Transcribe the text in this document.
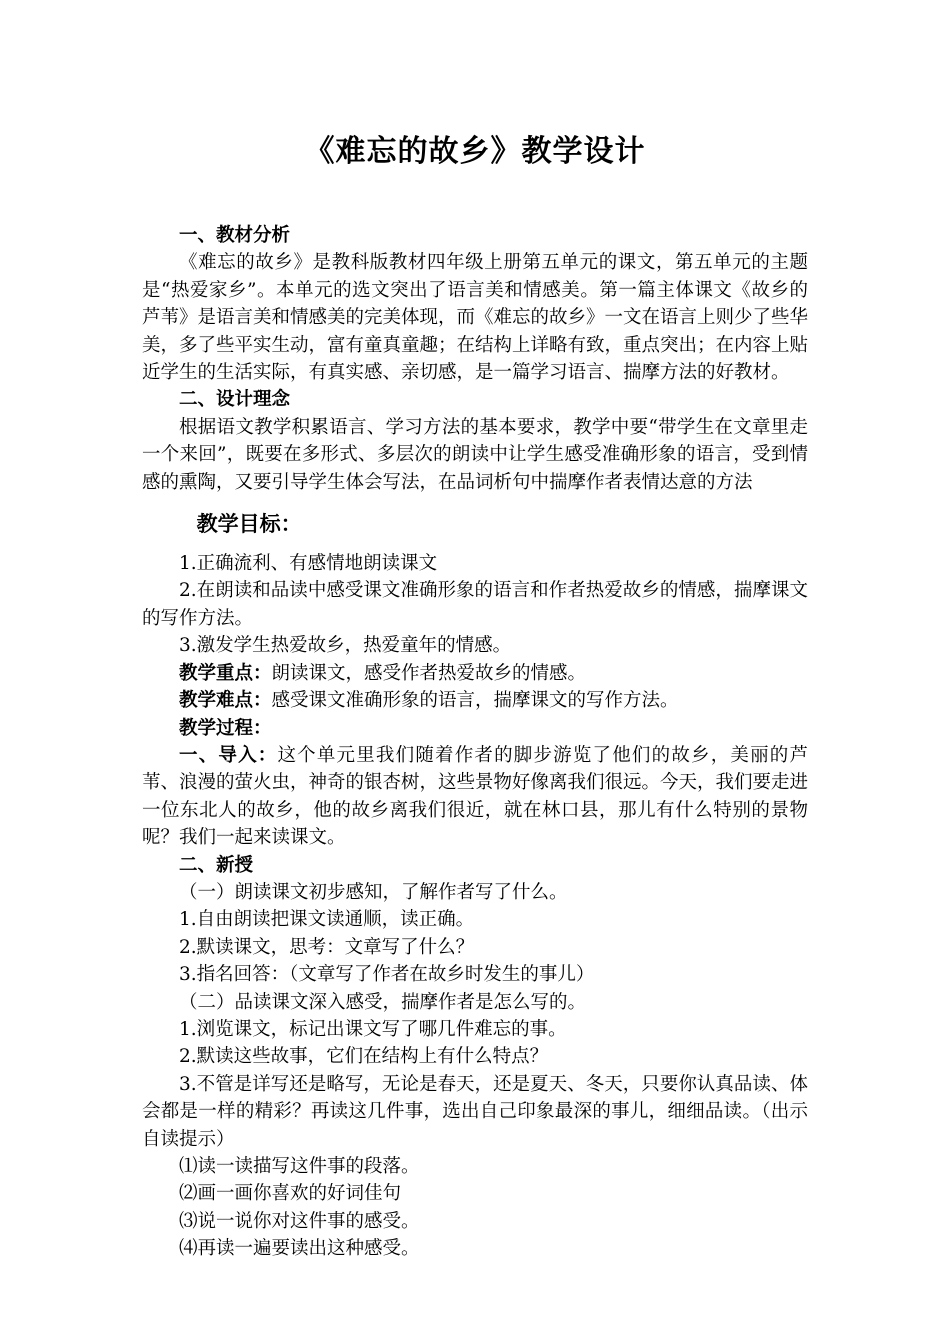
《难忘的故乡》教学设计

一、教材分析

《难忘的故乡》是教科版教材四年级上册第五单元的课文，第五单元的主题是“热爱家乡”。本单元的选文突出了语言美和情感美。第一篇主体课文《故乡的芦苇》是语言美和情感美的完美体现，而《难忘的故乡》一文在语言上则少了些华美，多了些平实生动，富有童真童趣；在结构上详略有致，重点突出；在内容上贴近学生的生活实际，有真实感、亲切感，是一篇学习语言、揣摩方法的好教材。

二、设计理念

根据语文教学积累语言、学习方法的基本要求，教学中要“带学生在文章里走一个来回”，既要在多形式、多层次的朗读中让学生感受准确形象的语言，受到情感的熏陶，又要引导学生体会写法，在品词析句中揣摩作者表情达意的方法

教学目标：

1.正确流利、有感情地朗读课文

2.在朗读和品读中感受课文准确形象的语言和作者热爱故乡的情感，揣摩课文的写作方法。

3.激发学生热爱故乡，热爱童年的情感。

教学重点：朗读课文，感受作者热爱故乡的情感。

教学难点：感受课文准确形象的语言，揣摩课文的写作方法。

教学过程：

一、导入：这个单元里我们随着作者的脚步游览了他们的故乡，美丽的芦苇、浪漫的萤火虫，神奇的银杏树，这些景物好像离我们很远。今天，我们要走进一位东北人的故乡，他的故乡离我们很近，就在林口县，那儿有什么特别的景物呢？我们一起来读课文。

二、新授

（一）朗读课文初步感知，了解作者写了什么。

1.自由朗读把课文读通顺，读正确。

2.默读课文，思考：文章写了什么？

3.指名回答：（文章写了作者在故乡时发生的事儿）

（二）品读课文深入感受，揣摩作者是怎么写的。

1.浏览课文，标记出课文写了哪几件难忘的事。

2.默读这些故事，它们在结构上有什么特点？

3.不管是详写还是略写，无论是春天，还是夏天、冬天，只要你认真品读、体会都是一样的精彩？再读这几件事，选出自己印象最深的事儿，细细品读。（出示自读提示）

⑴读一读描写这件事的段落。

⑵画一画你喜欢的好词佳句

⑶说一说你对这件事的感受。

⑷再读一遍要读出这种感受。
